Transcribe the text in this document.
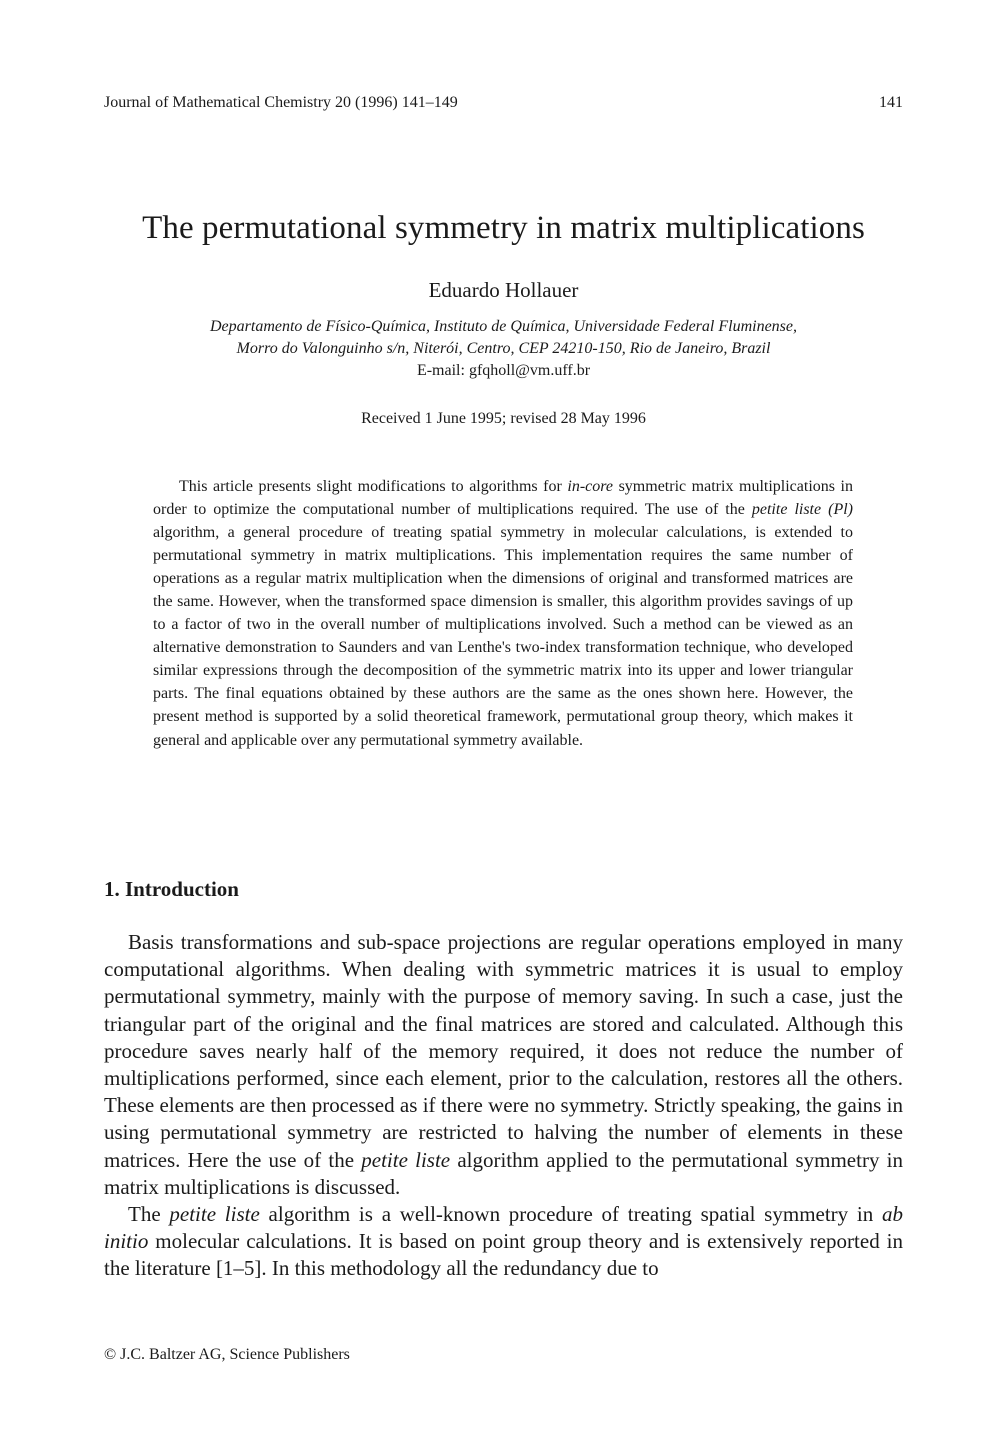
Journal of Mathematical Chemistry 20 (1996) 141–149	141
The permutational symmetry in matrix multiplications
Eduardo Hollauer
Departamento de Físico-Química, Instituto de Química, Universidade Federal Fluminense,
Morro do Valonguinho s/n, Niterói, Centro, CEP 24210-150, Rio de Janeiro, Brazil
E-mail: gfqholl@vm.uff.br
Received 1 June 1995; revised 28 May 1996
This article presents slight modifications to algorithms for in-core symmetric matrix multiplications in order to optimize the computational number of multiplications required. The use of the petite liste (Pl) algorithm, a general procedure of treating spatial symmetry in molecular calculations, is extended to permutational symmetry in matrix multiplications. This implementation requires the same number of operations as a regular matrix multiplication when the dimensions of original and transformed matrices are the same. However, when the transformed space dimension is smaller, this algorithm provides savings of up to a factor of two in the overall number of multiplications involved. Such a method can be viewed as an alternative demonstration to Saunders and van Lenthe's two-index transformation technique, who developed similar expressions through the decomposition of the symmetric matrix into its upper and lower triangular parts. The final equations obtained by these authors are the same as the ones shown here. However, the present method is supported by a solid theoretical framework, permutational group theory, which makes it general and applicable over any permutational symmetry available.
1. Introduction

Basis transformations and sub-space projections are regular operations employed in many computational algorithms. When dealing with symmetric matrices it is usual to employ permutational symmetry, mainly with the purpose of memory saving. In such a case, just the triangular part of the original and the final matrices are stored and calculated. Although this procedure saves nearly half of the memory required, it does not reduce the number of multiplications performed, since each element, prior to the calculation, restores all the others. These elements are then processed as if there were no symmetry. Strictly speaking, the gains in using permutational symmetry are restricted to halving the number of elements in these matrices. Here the use of the petite liste algorithm applied to the permutational symmetry in matrix multiplications is discussed.

The petite liste algorithm is a well-known procedure of treating spatial symmetry in ab initio molecular calculations. It is based on point group theory and is extensively reported in the literature [1–5]. In this methodology all the redundancy due to

© J.C. Baltzer AG, Science Publishers
